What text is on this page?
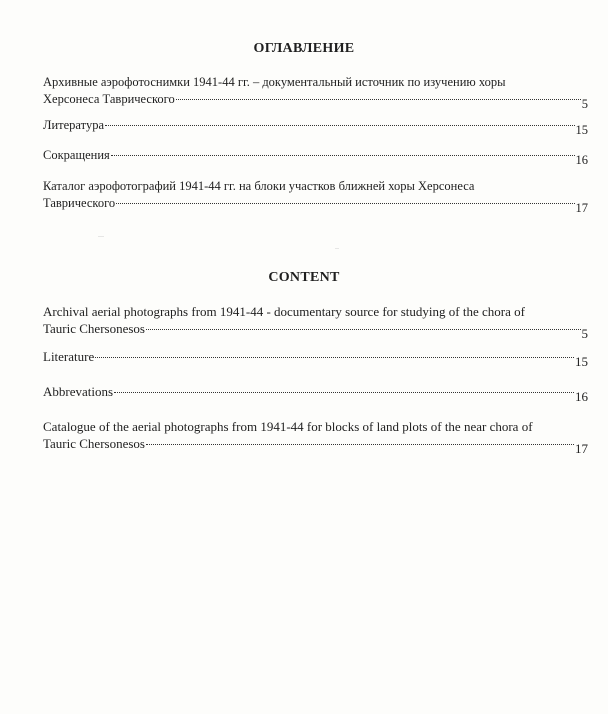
ОГЛАВЛЕНИЕ
Архивные аэрофотоснимки 1941-44 гг. – документальный источник по изучению хоры
Херсонеса Таврического	5
Литература	15
Сокращения	16
Каталог аэрофотографий 1941-44 гг. на блоки участков ближней хоры Херсонеса
Таврического	17
CONTENT
Archival aerial photographs from 1941-44 - documentary source for studying of the chora of
Tauric Chersonesos	5
Literature	15
Abbrevations	16
Catalogue of the aerial photographs from 1941-44 for blocks of land plots of the near chora of
Tauric Chersonesos	17
